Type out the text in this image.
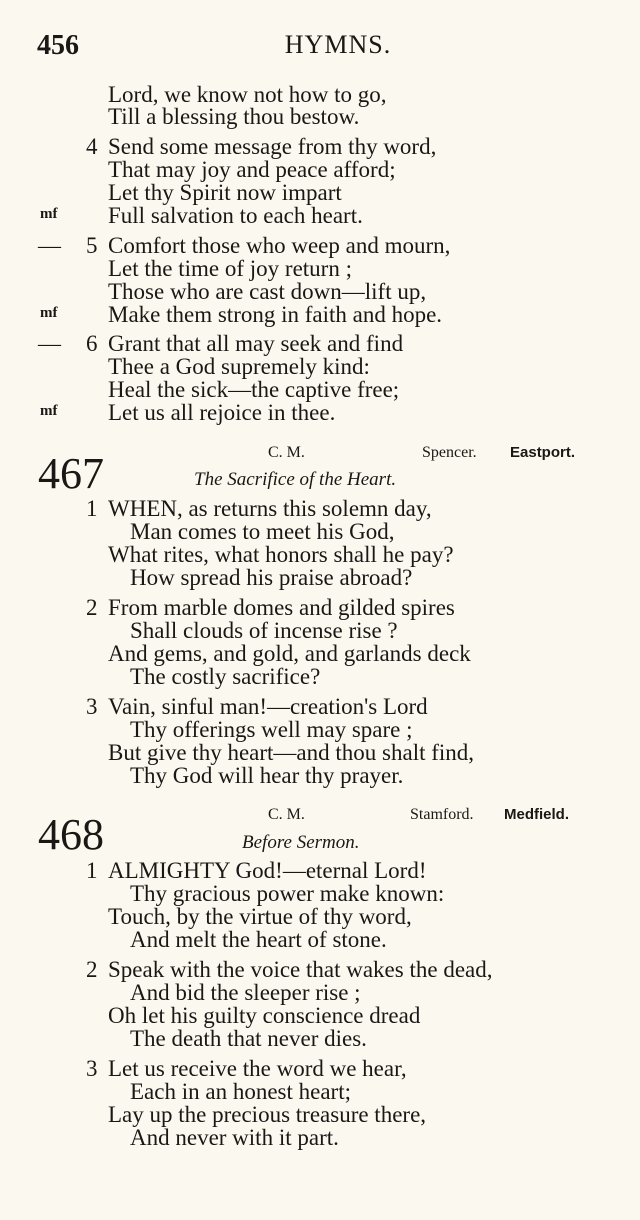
456	HYMNS.
Lord, we know not how to go,
Till a blessing thou bestow.
4 Send some message from thy word,
That may joy and peace afford;
Let thy Spirit now impart
mf Full salvation to each heart.
— 5 Comfort those who weep and mourn,
Let the time of joy return ;
Those who are cast down—lift up,
mf Make them strong in faith and hope.
— 6 Grant that all may seek and find
Thee a God supremely kind:
Heal the sick—the captive free;
mf Let us all rejoice in thee.
C. M.	Spencer. Eastport.
467	The Sacrifice of the Heart.
1 WHEN, as returns this solemn day,
Man comes to meet his God,
What rites, what honors shall he pay?
How spread his praise abroad?
2 From marble domes and gilded spires
Shall clouds of incense rise ?
And gems, and gold, and garlands deck
The costly sacrifice?
3 Vain, sinful man!—creation's Lord
Thy offerings well may spare ;
But give thy heart—and thou shalt find,
Thy God will hear thy prayer.
C. M.	Stamford. Medfield.
468	Before Sermon.
1 ALMIGHTY God!—eternal Lord!
Thy gracious power make known:
Touch, by the virtue of thy word,
And melt the heart of stone.
2 Speak with the voice that wakes the dead,
And bid the sleeper rise ;
Oh let his guilty conscience dread
The death that never dies.
3 Let us receive the word we hear,
Each in an honest heart;
Lay up the precious treasure there,
And never with it part.
